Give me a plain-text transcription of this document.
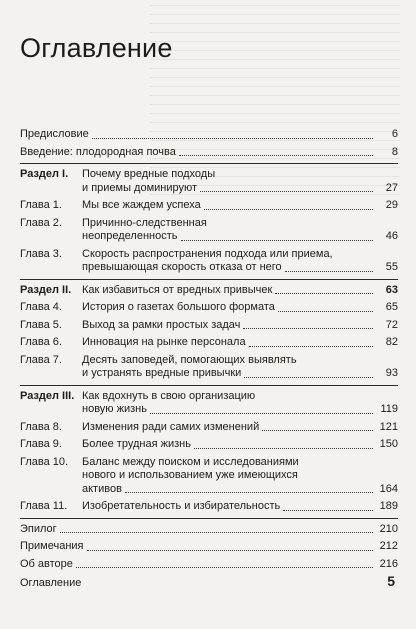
Оглавление
Предисловие	6
Введение: плодородная почва	8
Раздел I.	Почему вредные подходы
и приемы доминируют	27
Глава 1.	Мы все жаждем успеха	29
Глава 2.	Причинно-следственная
неопределенность	46
Глава 3.	Скорость распространения подхода или приема,
превышающая скорость отказа от него	55
Раздел II. Как избавиться от вредных привычек	63
Глава 4.	История о газетах большого формата	65
Глава 5.	Выход за рамки простых задач	72
Глава 6.	Инновация на рынке персонала	82
Глава 7.	Десять заповедей, помогающих выявлять
и устранять вредные привычки	93
Раздел III. Как вдохнуть в свою организацию
новую жизнь	119
Глава 8.	Изменения ради самих изменений	121
Глава 9.	Более трудная жизнь	150
Глава 10.	Баланс между поиском и исследованиями
нового и использованием уже имеющихся
активов	164
Глава 11.	Изобретательность и избирательность	189
Эпилог	210
Примечания	212
Об авторе	216
Оглавление	5
